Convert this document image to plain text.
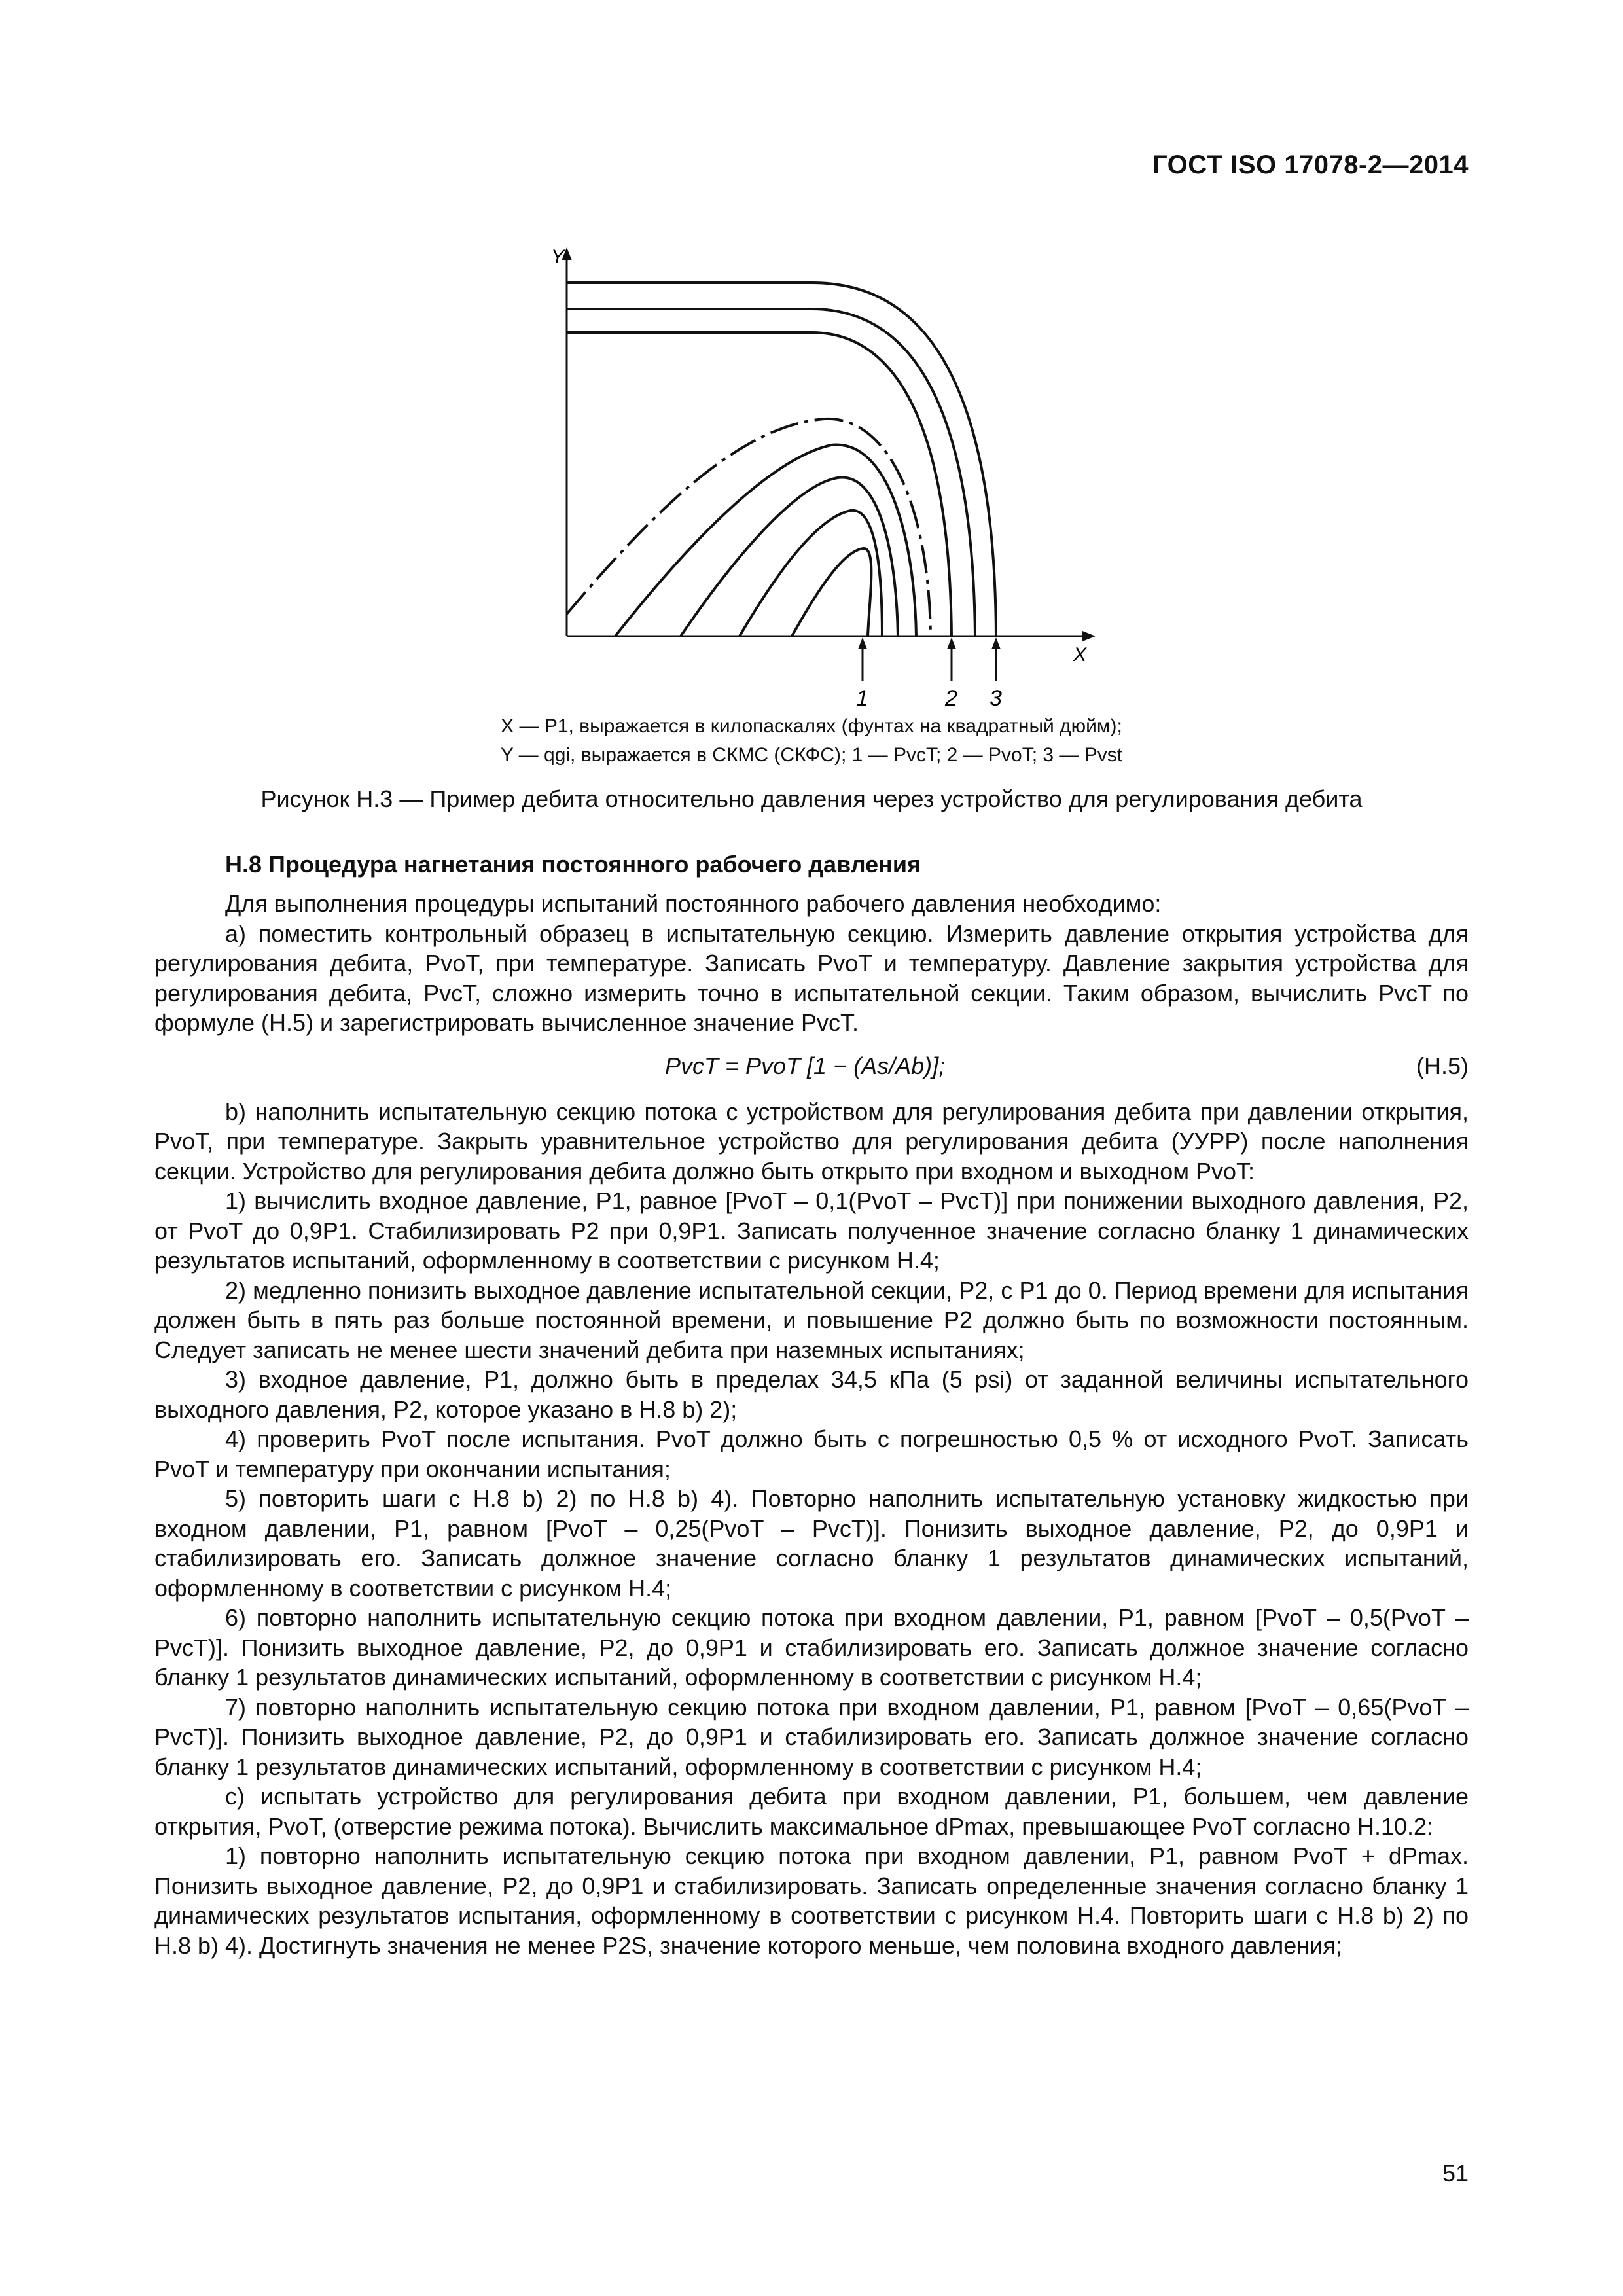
ГОСТ ISO 17078-2—2014
Y
X
1	2 3
X — P1, выражается в килопаскалях (фунтах на квадратный дюйм);
Y — qgi, выражается в СКМС (СКФС); 1 — PvcT; 2 — PvoT; 3 — Pvst
Рисунок Н.3 — Пример дебита относительно давления через устройство для регулирования дебита
Н.8 Процедура нагнетания постоянного рабочего давления

Для выполнения процедуры испытаний постоянного рабочего давления необходимо:

а) поместить контрольный образец в испытательную секцию. Измерить давление открытия устройства для регулирования дебита, PvoT, при температуре. Записать PvoT и температуру. Давление закрытия устройства для регулирования дебита, PvcT, сложно измерить точно в испытательной секции. Таким образом, вычислить PvcT по формуле (Н.5) и зарегистрировать вычисленное значение PvcT.

PvcT = PvoT [1 − (As/Ab)];	(Н.5)

b) наполнить испытательную секцию потока с устройством для регулирования дебита при давлении открытия, PvoT, при температуре. Закрыть уравнительное устройство для регулирования дебита (УУРР) после наполнения секции. Устройство для регулирования дебита должно быть открыто при входном и выходном PvoT:

1) вычислить входное давление, P1, равное [PvoT – 0,1(PvoT – PvcT)] при понижении выходного давления, P2, от PvoT до 0,9P1. Стабилизировать P2 при 0,9P1. Записать полученное значение согласно бланку 1 динамических результатов испытаний, оформленному в соответствии с рисунком Н.4;

2) медленно понизить выходное давление испытательной секции, P2, с P1 до 0. Период времени для испытания должен быть в пять раз больше постоянной времени, и повышение P2 должно быть по возможности постоянным. Следует записать не менее шести значений дебита при наземных испытаниях;

3) входное давление, P1, должно быть в пределах 34,5 кПа (5 psi) от заданной величины испытательного выходного давления, P2, которое указано в Н.8 b) 2);

4) проверить PvoT после испытания. PvoT должно быть с погрешностью 0,5 % от исходного PvoT. Записать PvoT и температуру при окончании испытания;

5) повторить шаги с Н.8 b) 2) по Н.8 b) 4). Повторно наполнить испытательную установку жидкостью при входном давлении, P1, равном [PvoT – 0,25(PvoT – PvcT)]. Понизить выходное давление, P2, до 0,9P1 и стабилизировать его. Записать должное значение согласно бланку 1 результатов динамических испытаний, оформленному в соответствии с рисунком Н.4;

6) повторно наполнить испытательную секцию потока при входном давлении, P1, равном [PvoT – 0,5(PvoT – PvcT)]. Понизить выходное давление, P2, до 0,9P1 и стабилизировать его. Записать должное значение согласно бланку 1 результатов динамических испытаний, оформленному в соответствии с рисунком Н.4;

7) повторно наполнить испытательную секцию потока при входном давлении, P1, равном [PvoT – 0,65(PvoT – PvcT)]. Понизить выходное давление, P2, до 0,9P1 и стабилизировать его. Записать должное значение согласно бланку 1 результатов динамических испытаний, оформленному в соответствии с рисунком Н.4;

с) испытать устройство для регулирования дебита при входном давлении, P1, большем, чем давление открытия, PvoT, (отверстие режима потока). Вычислить максимальное dPmax, превышающее PvoT согласно Н.10.2:

1) повторно наполнить испытательную секцию потока при входном давлении, P1, равном PvoT + dPmax. Понизить выходное давление, P2, до 0,9P1 и стабилизировать. Записать определенные значения согласно бланку 1 динамических результатов испытания, оформленному в соответствии с рисунком Н.4. Повторить шаги с Н.8 b) 2) по Н.8 b) 4). Достигнуть значения не менее P2S, значение которого меньше, чем половина входного давления;

51
